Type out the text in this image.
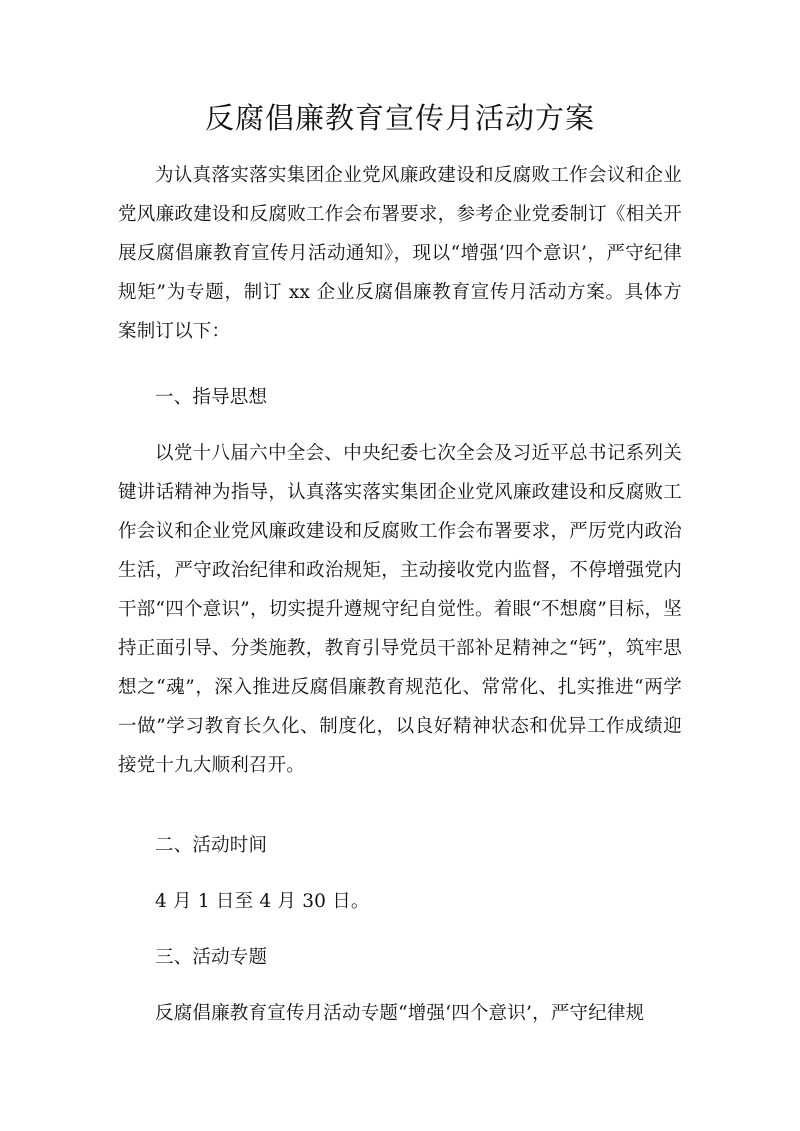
反腐倡廉教育宣传月活动方案

为认真落实落实集团企业党风廉政建设和反腐败工作会议和企业党风廉政建设和反腐败工作会布署要求，参考企业党委制订《相关开展反腐倡廉教育宣传月活动通知》，现以“增强‘四个意识’，严守纪律规矩”为专题，制订 xx 企业反腐倡廉教育宣传月活动方案。具体方案制订以下：

一、指导思想

以党十八届六中全会、中央纪委七次全会及习近平总书记系列关键讲话精神为指导，认真落实落实集团企业党风廉政建设和反腐败工作会议和企业党风廉政建设和反腐败工作会布署要求，严厉党内政治生活，严守政治纪律和政治规矩，主动接收党内监督，不停增强党内干部“四个意识”，切实提升遵规守纪自觉性。着眼“不想腐”目标，坚持正面引导、分类施教，教育引导党员干部补足精神之“钙”，筑牢思想之“魂”，深入推进反腐倡廉教育规范化、常常化、扎实推进“两学一做”学习教育长久化、制度化，以良好精神状态和优异工作成绩迎接党十九大顺利召开。

二、活动时间

4 月 1 日至 4 月 30 日。

三、活动专题

反腐倡廉教育宣传月活动专题“增强‘四个意识’，严守纪律规
